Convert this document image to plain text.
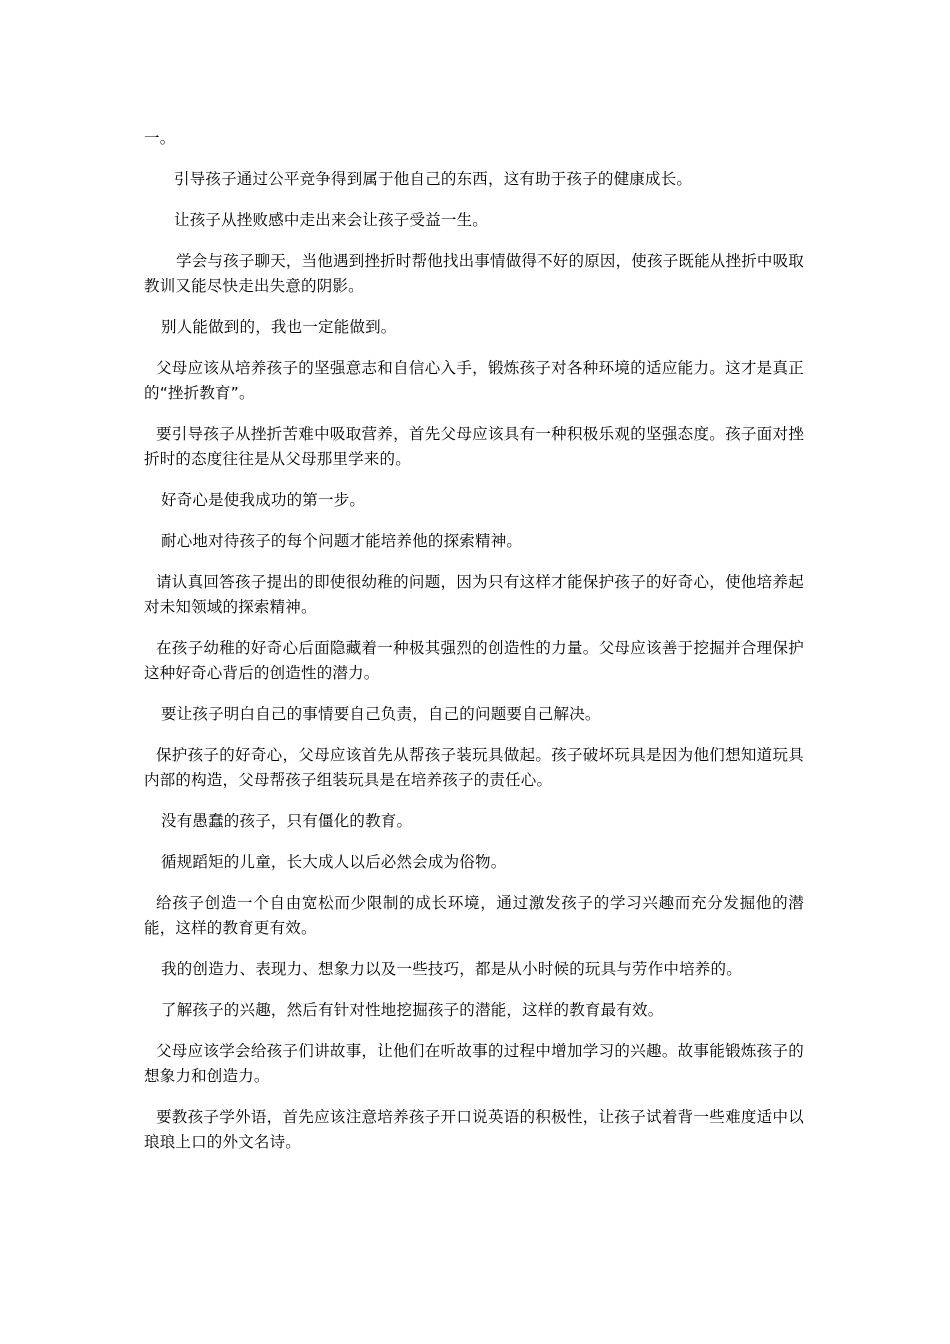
一。

引导孩子通过公平竞争得到属于他自己的东西，这有助于孩子的健康成长。

让孩子从挫败感中走出来会让孩子受益一生。

学会与孩子聊天，当他遇到挫折时帮他找出事情做得不好的原因，使孩子既能从挫折中吸取教训又能尽快走出失意的阴影。

别人能做到的，我也一定能做到。

父母应该从培养孩子的坚强意志和自信心入手，锻炼孩子对各种环境的适应能力。这才是真正的“挫折教育”。

要引导孩子从挫折苦难中吸取营养，首先父母应该具有一种积极乐观的坚强态度。孩子面对挫折时的态度往往是从父母那里学来的。

好奇心是使我成功的第一步。

耐心地对待孩子的每个问题才能培养他的探索精神。

请认真回答孩子提出的即使很幼稚的问题，因为只有这样才能保护孩子的好奇心，使他培养起对未知领域的探索精神。

在孩子幼稚的好奇心后面隐藏着一种极其强烈的创造性的力量。父母应该善于挖掘并合理保护这种好奇心背后的创造性的潜力。

要让孩子明白自己的事情要自己负责，自己的问题要自己解决。

保护孩子的好奇心，父母应该首先从帮孩子装玩具做起。孩子破坏玩具是因为他们想知道玩具内部的构造，父母帮孩子组装玩具是在培养孩子的责任心。

没有愚蠢的孩子，只有僵化的教育。

循规蹈矩的儿童，长大成人以后必然会成为俗物。

给孩子创造一个自由宽松而少限制的成长环境，通过激发孩子的学习兴趣而充分发掘他的潜能，这样的教育更有效。

我的创造力、表现力、想象力以及一些技巧，都是从小时候的玩具与劳作中培养的。

了解孩子的兴趣，然后有针对性地挖掘孩子的潜能，这样的教育最有效。

父母应该学会给孩子们讲故事，让他们在听故事的过程中增加学习的兴趣。故事能锻炼孩子的想象力和创造力。

要教孩子学外语，首先应该注意培养孩子开口说英语的积极性，让孩子试着背一些难度适中以琅琅上口的外文名诗。
